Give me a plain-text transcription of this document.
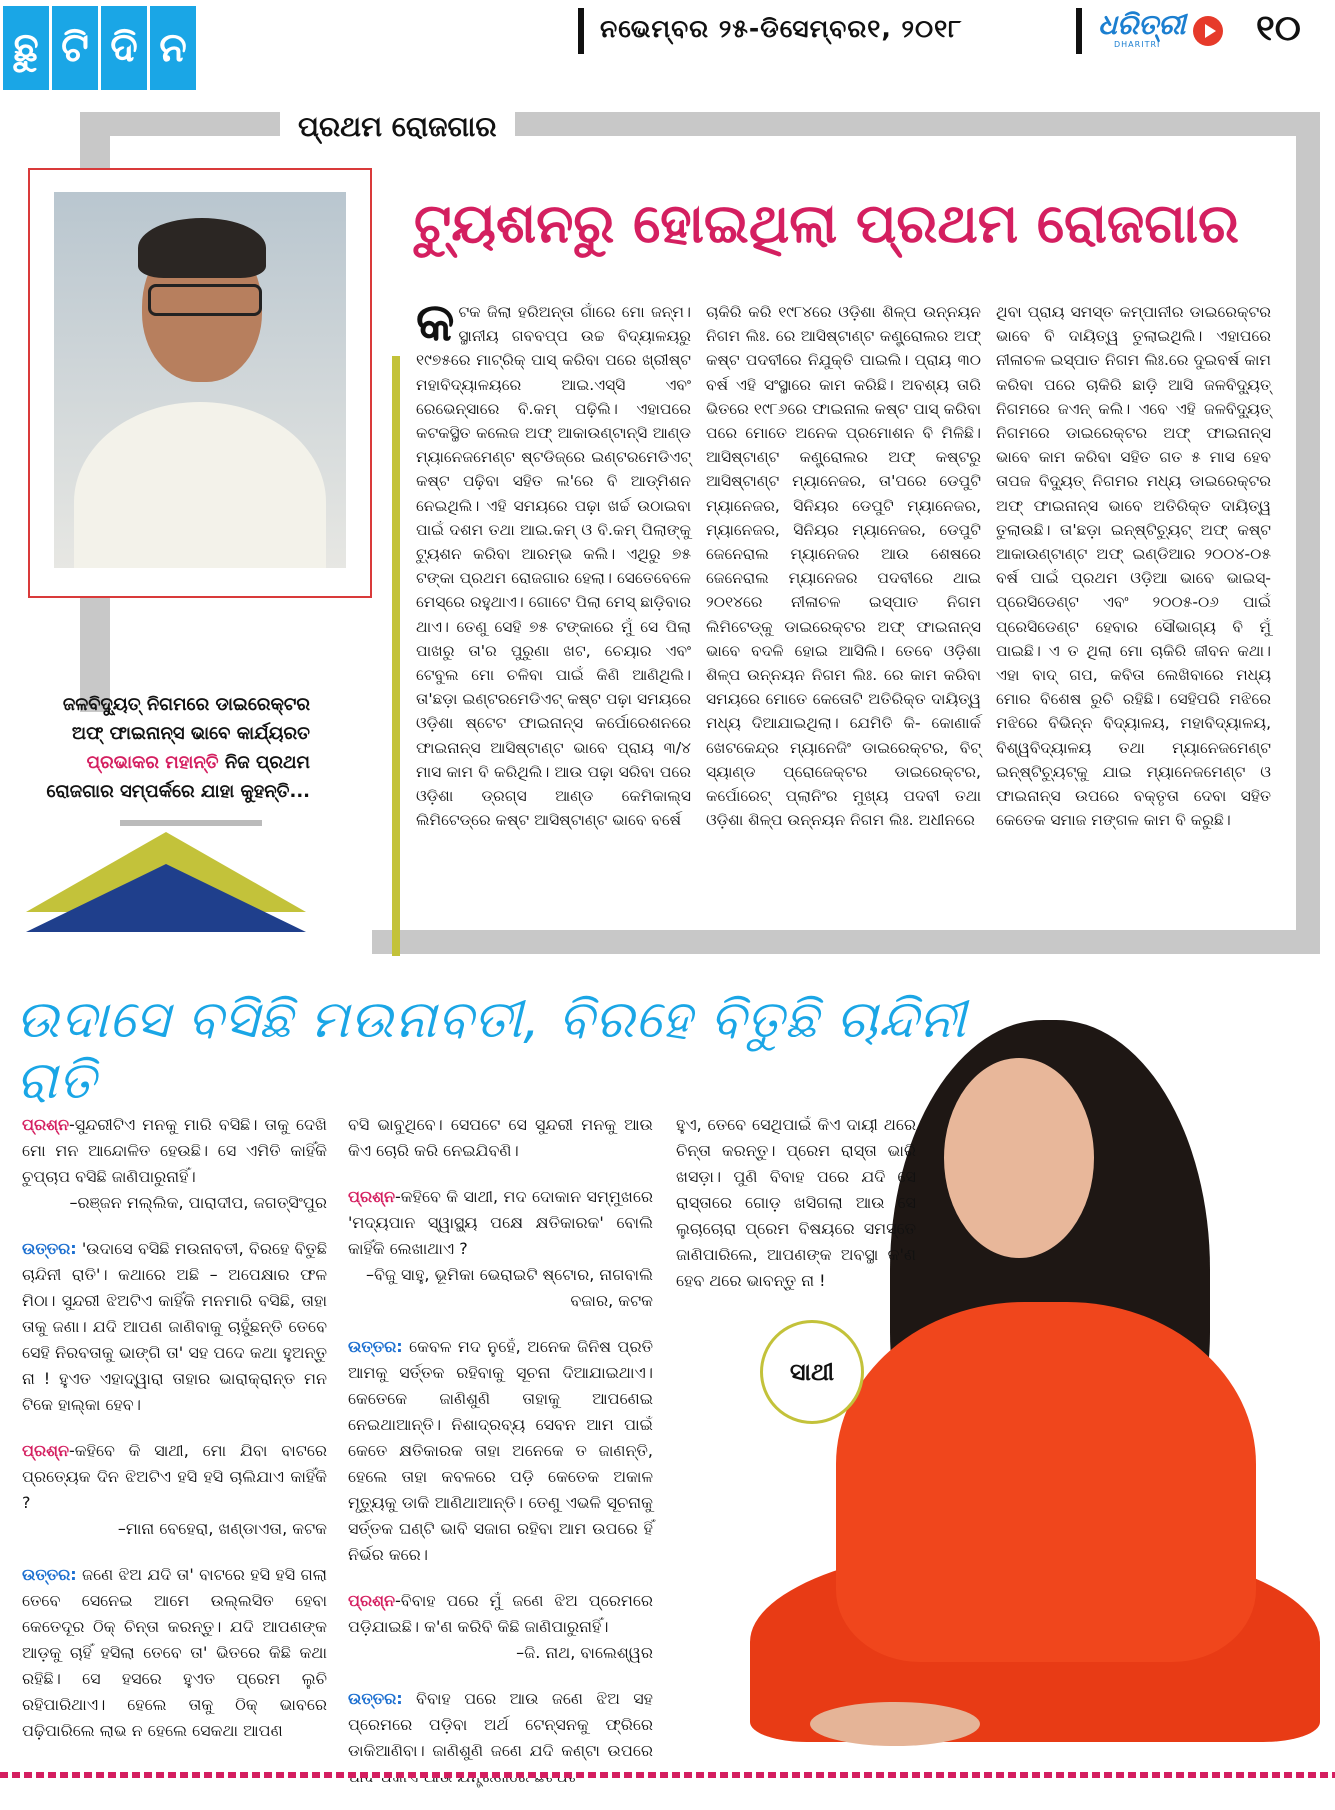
ଛୁ ଟି ଦି ନ	ନଭେମ୍ବର ୨୫-ଡିସେମ୍ବର୧, ୨୦୧୮	ଧରିତ୍ରୀ
DHARITRI	୧୦
ପ୍ରଥମ ରୋଜଗାର
ଜଳବିଦ୍ୟୁତ୍ ନିଗମରେ ଡାଇରେକ୍ଟର ଅଫ୍ ଫାଇନାନ୍ସ ଭାବେ କାର୍ଯ୍ୟରତ ପ୍ରଭାକର ମହାନ୍ତି ନିଜ ପ୍ରଥମ ରୋଜଗାର ସମ୍ପର୍କରେ ଯାହା କୁହନ୍ତି...
ଟ୍ୟୁଶନରୁ ହୋଇଥିଲା ପ୍ରଥମ ରୋଜଗାର
କଟକ ଜିଲା ହରିଅନ୍ତା ଗାଁରେ ମୋ ଜନ୍ମ। ସ୍ଥାନୀୟ ଗବବପ୍ପ ଉଚ୍ଚ ବିଦ୍ୟାଳୟରୁ ୧୯୭୫ରେ ମାଟ୍ରିକ୍ ପାସ୍ କରିବା ପରେ ଖ୍ରୀଷ୍ଟ ମହାବିଦ୍ୟାଳୟରେ ଆଇ.ଏସ୍‌ସି ଏବଂ ରେଭେନ୍ସାରେ ବି.କମ୍ ପଢ଼ିଲି। ଏହାପରେ କଟକସ୍ଥିତ କଲେଜ ଅଫ୍ ଆକାଉଣ୍ଟାନ୍ସି ଆଣ୍ଡ ମ୍ୟାନେଜମେଣ୍ଟ ଷ୍ଟଡିଜ୍‌ରେ ଇଣ୍ଟରମେଡିଏଟ୍ କଷ୍ଟ ପଢ଼ିବା ସହିତ ଲ'ରେ ବି ଆଡ୍‌ମିଶନ ନେଇଥିଲି। ଏହି ସମୟରେ ପଢ଼ା ଖର୍ଚ୍ଚ ଉଠାଇବା ପାଇଁ ଦଶମ ତଥା ଆଇ.କମ୍ ଓ ବି.କମ୍ ପିଲାଙ୍କୁ ଟ୍ୟୁଶନ କରିବା ଆରମ୍ଭ କଲି। ଏଥିରୁ ୭୫ ଟଙ୍କା ପ୍ରଥମ ରୋଜଗାର ହେଲା। ସେତେବେଳେ ମେସ୍‌ରେ ରହୁଥାଏ। ଗୋଟେ ପିଲା ମେସ୍ ଛାଡ଼ିବାର ଥାଏ। ତେଣୁ ସେହି ୭୫ ଟଙ୍କାରେ ମୁଁ ସେ ପିଲା ପାଖରୁ ତା'ର ପୁରୁଣା ଖଟ, ଚେୟାର ଏବଂ ଟେବୁଲ ମୋ ଚଳିବା ପାଇଁ କିଣି ଆଣିଥିଲି। ତା'ଛଡ଼ା ଇଣ୍ଟରମେଡିଏଟ୍ କଷ୍ଟ ପଢ଼ା ସମୟରେ ଓଡ଼ିଶା ଷ୍ଟେଟ ଫାଇନାନ୍ସ କର୍ପୋରେଶନରେ ଫାଇନାନ୍ସ ଆସିଷ୍ଟାଣ୍ଟ ଭାବେ ପ୍ରାୟ ୩/୪ ମାସ କାମ ବି କରିଥିଲି। ଆଉ ପଢ଼ା ସରିବା ପରେ ଓଡ଼ିଶା ଡ୍ରଗ୍ସ ଆଣ୍ଡ କେମିକାଲ୍ସ ଲିମିଟେଡ୍‌ରେ କଷ୍ଟ ଆସିଷ୍ଟାଣ୍ଟ ଭାବେ ବର୍ଷେ
ଚାକିରି କରି ୧୯୮୪ରେ ଓଡ଼ିଶା ଶିଳ୍ପ ଉନ୍ନୟନ ନିଗମ ଲିଃ. ରେ ଆସିଷ୍ଟାଣ୍ଟ କଣ୍ଟ୍ରୋଲର ଅଫ୍ କଷ୍ଟ ପଦବୀରେ ନିଯୁକ୍ତି ପାଇଲି। ପ୍ରାୟ ୩୦ ବର୍ଷ ଏହି ସଂସ୍ଥାରେ କାମ କରିଛି। ଅବଶ୍ୟ ତାରି ଭିତରେ ୧୯୮୬ରେ ଫାଇନାଲ କଷ୍ଟ ପାସ୍ କରିବା ପରେ ମୋତେ ଅନେକ ପ୍ରମୋଶନ ବି ମିଳିଛି। ଆସିଷ୍ଟାଣ୍ଟ କଣ୍ଟ୍ରୋଲର ଅଫ୍ କଷ୍ଟରୁ ଆସିଷ୍ଟାଣ୍ଟ ମ୍ୟାନେଜର, ତା'ପରେ ଡେପୁଟି ମ୍ୟାନେଜର, ସିନିୟର ଡେପୁଟି ମ୍ୟାନେଜର, ମ୍ୟାନେଜର, ସିନିୟର ମ୍ୟାନେଜର, ଡେପୁଟି ଜେନେରାଲ ମ୍ୟାନେଜର ଆଉ ଶେଷରେ ଜେନେରାଲ ମ୍ୟାନେଜର ପଦବୀରେ ଥାଇ ୨୦୧୪ରେ ନୀଳାଚଳ ଇସ୍ପାତ ନିଗମ ଲିମିଟେଡ୍‌କୁ ଡାଇରେକ୍ଟର ଅଫ୍ ଫାଇନାନ୍ସ ଭାବେ ବଦଳି ହୋଇ ଆସିଲି। ତେବେ ଓଡ଼ିଶା ଶିଳ୍ପ ଉନ୍ନୟନ ନିଗମ ଲିଃ. ରେ କାମ କରିବା ସମୟରେ ମୋତେ କେତୋଟି ଅତିରିକ୍ତ ଦାୟିତ୍ୱ ମଧ୍ୟ ଦିଆଯାଇଥିଲା। ଯେମିତି କି- କୋଣାର୍କ ଖେଟକେନ୍ଦ୍ର ମ୍ୟାନେଜିଂ ଡାଇରେକ୍ଟର, ବିଟ୍ ସ୍ୟାଣ୍ଡ ପ୍ରୋଜେକ୍ଟର ଡାଇରେକ୍ଟର, କର୍ପୋରେଟ୍ ପ୍ଲାନିଂର ମୁଖ୍ୟ ପଦବୀ ତଥା ଓଡ଼ିଶା ଶିଳ୍ପ ଉନ୍ନୟନ ନିଗମ ଲିଃ. ଅଧୀନରେ
ଥିବା ପ୍ରାୟ ସମସ୍ତ କମ୍ପାନୀର ଡାଇରେକ୍ଟର ଭାବେ ବି ଦାୟିତ୍ୱ ତୁଲାଇଥିଲି। ଏହାପରେ ନୀଳାଚଳ ଇସ୍ପାତ ନିଗମ ଲିଃ.ରେ ଦୁଇବର୍ଷ କାମ କରିବା ପରେ ଚାକିରି ଛାଡ଼ି ଆସି ଜଳବିଦ୍ୟୁତ୍ ନିଗମରେ ଜଏନ୍ କଲି। ଏବେ ଏହି ଜଳବିଦ୍ୟୁତ୍ ନିଗମରେ ଡାଇରେକ୍ଟର ଅଫ୍ ଫାଇନାନ୍ସ ଭାବେ କାମ କରିବା ସହିତ ଗତ ୫ ମାସ ହେବ ତାପଜ ବିଦ୍ୟୁତ୍ ନିଗମର ମଧ୍ୟ ଡାଇରେକ୍ଟର ଅଫ୍ ଫାଇନାନ୍ସ ଭାବେ ଅତିରିକ୍ତ ଦାୟିତ୍ୱ ତୁଲାଉଛି। ତା'ଛଡ଼ା ଇନ୍‌ଷ୍ଟିଚ୍ୟୁଟ୍ ଅଫ୍ କଷ୍ଟ ଆକାଉଣ୍ଟାଣ୍ଟ ଅଫ୍ ଇଣ୍ଡିଆର ୨୦୦୪-୦୫ ବର୍ଷ ପାଇଁ ପ୍ରଥମ ଓଡ଼ିଆ ଭାବେ ଭାଇସ୍-ପ୍ରେସିଡେଣ୍ଟ ଏବଂ ୨୦୦୫-୦୬ ପାଇଁ ପ୍ରେସିଡେଣ୍ଟ ହେବାର ସୌଭାଗ୍ୟ ବି ମୁଁ ପାଇଛି। ଏ ତ ଥିଲା ମୋ ଚାକିରି ଜୀବନ କଥା। ଏହା ବାଦ୍ ଗପ, କବିତା ଲେଖିବାରେ ମଧ୍ୟ ମୋର ବିଶେଷ ରୁଚି ରହିଛି। ସେହିପରି ମଝିରେ ମଝିରେ ବିଭିନ୍ନ ବିଦ୍ୟାଳୟ, ମହାବିଦ୍ୟାଳୟ, ବିଶ୍ୱବିଦ୍ୟାଳୟ ତଥା ମ୍ୟାନେଜମେଣ୍ଟ ଇନ୍‌ଷ୍ଟିଚ୍ୟୁଟ୍‌କୁ ଯାଇ ମ୍ୟାନେଜମେଣ୍ଟ ଓ ଫାଇନାନ୍ସ ଉପରେ ବକ୍ତୃତା ଦେବା ସହିତ କେତେକ ସମାଜ ମଙ୍ଗଳ କାମ ବି କରୁଛି।
ଉଦାସେ ବସିଛି ମଉନାବତୀ, ବିରହେ ବିତୁଛି ଚାନ୍ଦିନୀ ରାତି

ପ୍ରଶ୍ନ-ସୁନ୍ଦରୀଟିଏ ମନକୁ ମାରି ବସିଛି। ତାକୁ ଦେଖି ମୋ ମନ ଆନ୍ଦୋଳିତ ହେଉଛି। ସେ ଏମିତି କାହିଁକି ଚୁପ୍‌ଚାପ ବସିଛି ଜାଣିପାରୁନାହିଁ।
–ରଞ୍ଜନ ମଲ୍ଲିକ, ପାରାଦୀପ, ଜଗତ୍‌ସିଂପୁର

ଉତ୍ତର: 'ଉଦାସେ ବସିଛି ମଉନାବତୀ, ବିରହେ ବିତୁଛି ଚାନ୍ଦିନୀ ରାତି'। କଥାରେ ଅଛି – ଅପେକ୍ଷାର ଫଳ ମିଠା। ସୁନ୍ଦରୀ ଝିଅଟିଏ କାହିଁକି ମନମାରି ବସିଛି, ତାହା ତାକୁ ଜଣା। ଯଦି ଆପଣ ଜାଣିବାକୁ ଚାହୁଁଛନ୍ତି ତେବେ ସେହି ନିରବତାକୁ ଭାଙ୍ଗି ତା' ସହ ପଦେ କଥା ହୁଅନ୍ତୁ ନା ! ହୁଏତ ଏହାଦ୍ୱାରା ତାହାର ଭାରାକ୍ରାନ୍ତ ମନ ଟିକେ ହାଲ୍‌କା ହେବ।

ପ୍ରଶ୍ନ-କହିବେ କି ସାଥୀ, ମୋ ଯିବା ବାଟରେ ପ୍ରତ୍ୟେକ ଦିନ ଝିଅଟିଏ ହସି ହସି ଚାଲିଯାଏ କାହିଁକି ?
–ମାନା ବେହେରା, ଖଣ୍ଡାଏତା, କଟକ

ଉତ୍ତର: ଜଣେ ଝିଅ ଯଦି ତା' ବାଟରେ ହସି ହସି ଗଲା ତେବେ ସେନେଇ ଆମେ ଉଲ୍ଲସିତ ହେବା କେତେଦୂର ଠିକ୍ ଚିନ୍ତା କରନ୍ତୁ। ଯଦି ଆପଣଙ୍କ ଆଡ଼କୁ ଚାହିଁ ହସିଲା ତେବେ ତା' ଭିତରେ କିଛି କଥା ରହିଛି। ସେ ହସରେ ହୁଏତ ପ୍ରେମ ଲୁଚି ରହିପାରିଥାଏ। ହେଲେ ତାକୁ ଠିକ୍ ଭାବରେ ପଢ଼ିପାରିଲେ ଲାଭ ନ ହେଲେ ସେକଥା ଆପଣ

ବସି ଭାବୁଥିବେ। ସେପଟେ ସେ ସୁନ୍ଦରୀ ମନକୁ ଆଉ କିଏ ଚୋରି କରି ନେଇଯିବଣି।

ପ୍ରଶ୍ନ-କହିବେ କି ସାଥୀ, ମଦ ଦୋକାନ ସମ୍ମୁଖରେ 'ମଦ୍ୟପାନ ସ୍ୱାସ୍ଥ୍ୟ ପକ୍ଷେ କ୍ଷତିକାରକ' ବୋଲି କାହିଁକି ଲେଖାଥାଏ ?
–ବିଜୁ ସାହୁ, ଭୂମିକା ଭେରାଇଟି ଷ୍ଟୋର, ନାଗବାଲି ବଜାର, କଟକ

ଉତ୍ତର: କେବଳ ମଦ ନୁହେଁ, ଅନେକ ଜିନିଷ ପ୍ରତି ଆମକୁ ସର୍ତ୍ତକ ରହିବାକୁ ସୂଚନା ଦିଆଯାଇଥାଏ। କେତେକେ ଜାଣିଶୁଣି ତାହାକୁ ଆପଣେଇ ନେଇଥାଆନ୍ତି। ନିଶାଦ୍ରବ୍ୟ ସେବନ ଆମ ପାଇଁ କେତେ କ୍ଷତିକାରକ ତାହା ଅନେକେ ତ ଜାଣନ୍ତି, ହେଲେ ତାହା କବଳରେ ପଡ଼ି କେତେକ ଅକାଳ ମୃତ୍ୟୁକୁ ଡାକି ଆଣିଥାଆନ୍ତି। ତେଣୁ ଏଭଳି ସୂଚନାକୁ ସର୍ତ୍ତକ ଘଣ୍ଟି ଭାବି ସଜାଗ ରହିବା ଆମ ଉପରେ ହିଁ ନିର୍ଭର କରେ।

ପ୍ରଶ୍ନ-ବିବାହ ପରେ ମୁଁ ଜଣେ ଝିଅ ପ୍ରେମରେ ପଡ଼ିଯାଇଛି। କ'ଣ କରିବି କିଛି ଜାଣିପାରୁନାହିଁ।
–ଜି. ନାଥ, ବାଲେଶ୍ୱର

ଉତ୍ତର: ବିବାହ ପରେ ଆଉ ଜଣେ ଝିଅ ସହ ପ୍ରେମରେ ପଡ଼ିବା ଅର୍ଥ ଟେନ୍‌ସନକୁ ଫ୍ରିରେ ଡାକିଆଣିବା। ଜାଣିଶୁଣି ଜଣେ ଯଦି କଣ୍ଟା ଉପରେ

ହୁଏ, ତେବେ ସେଥିପାଇଁ କିଏ ଦାୟୀ ଥରେ ଚିନ୍ତା କରନ୍ତୁ। ପ୍ରେମ ରାସ୍ତା ଭାରି ଖସଡ଼ା। ପୁଣି ବିବାହ ପରେ ଯଦି ସେ ରାସ୍ତାରେ ଗୋଡ଼ ଖସିଗଲା ଆଉ ସେ ଲୁଚାଚୋରା ପ୍ରେମ ବିଷୟରେ ସମସ୍ତେ ଜାଣିପାରିଲେ, ଆପଣଙ୍କ ଅବସ୍ଥା କ'ଣ ହେବ ଥରେ ଭାବନ୍ତୁ ନା !

ସାଥୀ
